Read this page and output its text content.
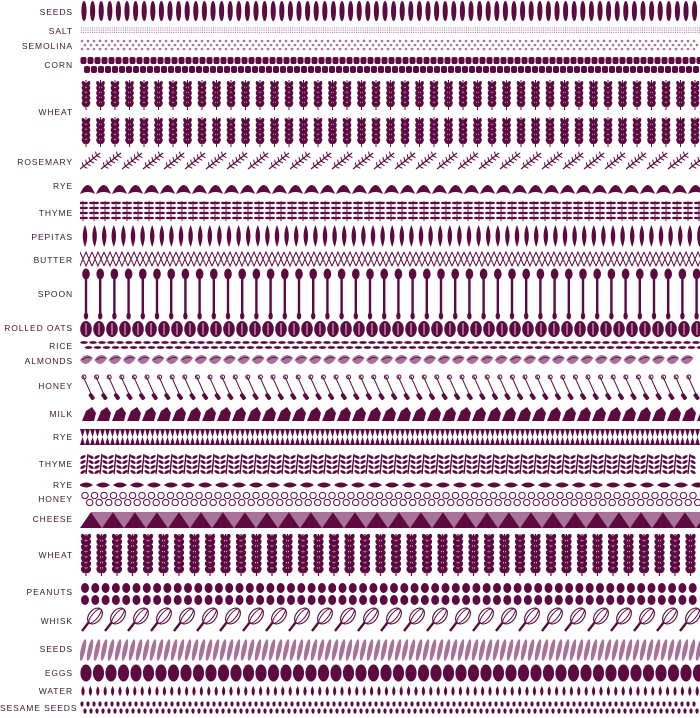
SEEDS
SALT
SEMOLINA
CORN
WHEAT
ROSEMARY
RYE
THYME
PEPITAS
BUTTER
SPOON
ROLLED OATS
RICE
ALMONDS
HONEY
MILK
RYE
THYME
RYE
HONEY
CHEESE
WHEAT
PEANUTS
WHISK
SEEDS
EGGS
WATER
SESAME SEEDS
